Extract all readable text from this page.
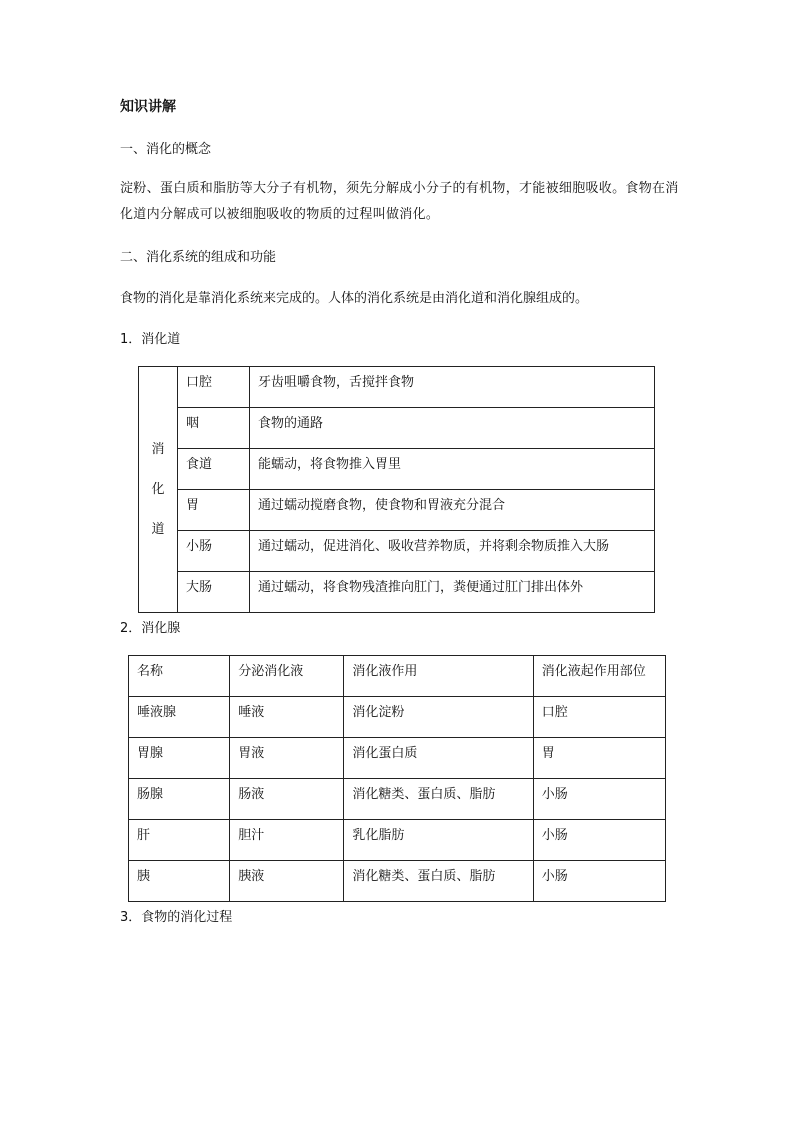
知识讲解
一、消化的概念
淀粉、蛋白质和脂肪等大分子有机物，须先分解成小分子的有机物，才能被细胞吸收。食物在消化道内分解成可以被细胞吸收的物质的过程叫做消化。
二、消化系统的组成和功能
食物的消化是靠消化系统来完成的。人体的消化系统是由消化道和消化腺组成的。
1．消化道
消
化
道	口腔	牙齿咀嚼食物，舌搅拌食物
	咽	食物的通路
	食道	能蠕动，将食物推入胃里
	胃	通过蠕动搅磨食物，使食物和胃液充分混合
	小肠	通过蠕动，促进消化、吸收营养物质，并将剩余物质推入大肠
	大肠	通过蠕动，将食物残渣推向肛门，粪便通过肛门排出体外
2．消化腺
名称	分泌消化液	消化液作用	消化液起作用部位
唾液腺	唾液	消化淀粉	口腔
胃腺	胃液	消化蛋白质	胃
肠腺	肠液	消化糖类、蛋白质、脂肪	小肠
肝	胆汁	乳化脂肪	小肠
胰	胰液	消化糖类、蛋白质、脂肪	小肠
3．食物的消化过程
